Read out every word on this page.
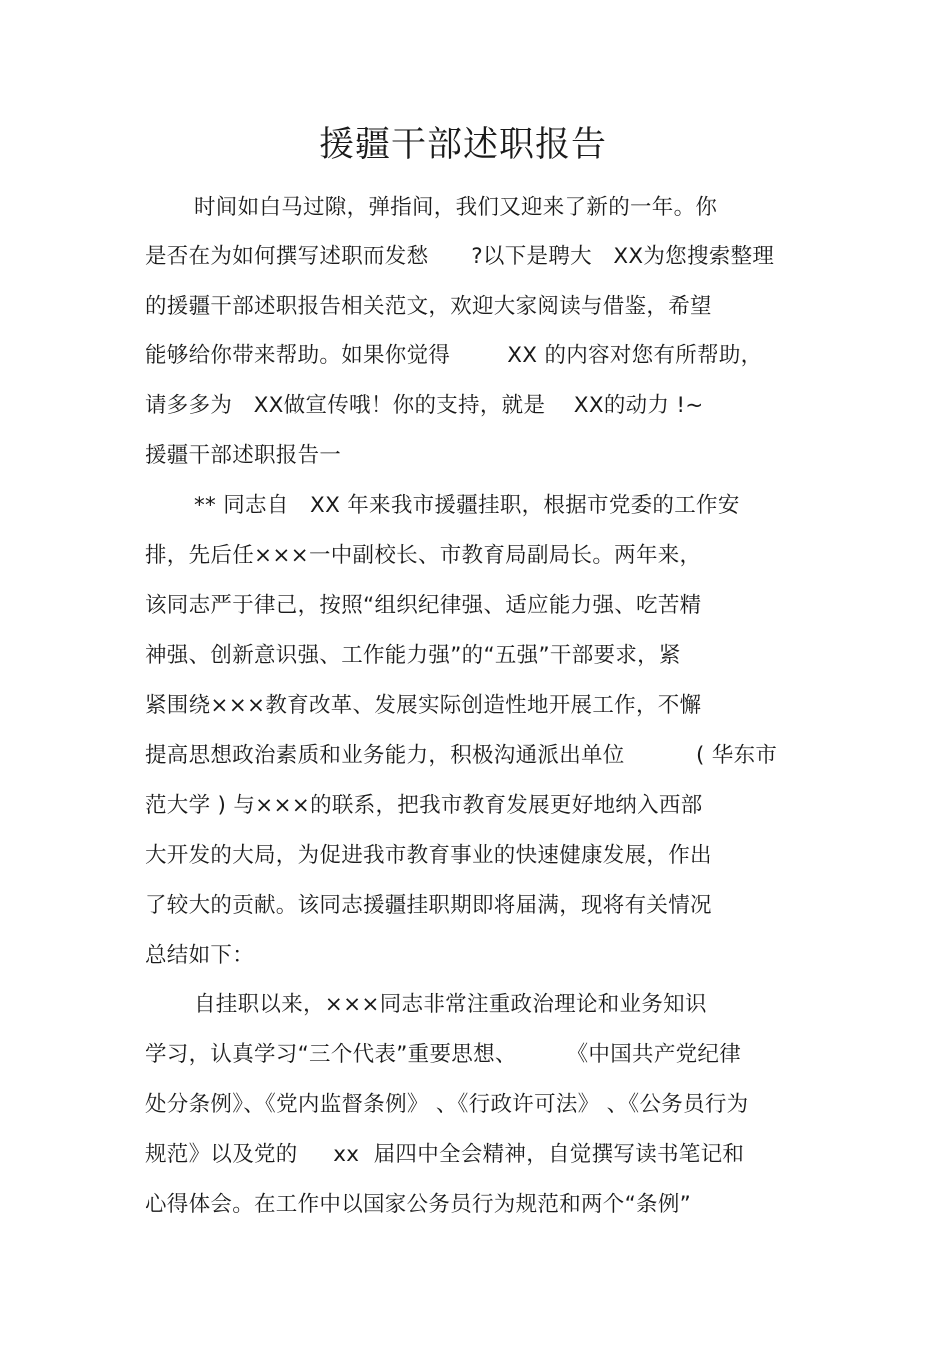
援疆干部述职报告

时间如白马过隙，弹指间，我们又迎来了新的一年。你

是否在为如何撰写述职而发愁      ?以下是聘大   XX为您搜索整理

的援疆干部述职报告相关范文，欢迎大家阅读与借鉴，希望

能够给你带来帮助。如果你觉得        XX 的内容对您有所帮助，

请多多为   XX做宣传哦！你的支持，就是    XX的动力 !~

援疆干部述职报告一

** 同志自   XX 年来我市援疆挂职，根据市党委的工作安

排，先后任×××一中副校长、市教育局副局长。两年来，

该同志严于律己，按照“组织纪律强、适应能力强、吃苦精

神强、创新意识强、工作能力强”的“五强”干部要求，紧

紧围绕×××教育改革、发展实际创造性地开展工作，不懈

提高思想政治素质和业务能力，积极沟通派出单位          ( 华东市

范大学 ) 与×××的联系，把我市教育发展更好地纳入西部

大开发的大局，为促进我市教育事业的快速健康发展，作出

了较大的贡献。该同志援疆挂职期即将届满，现将有关情况

总结如下：

自挂职以来，×××同志非常注重政治理论和业务知识

学习，认真学习“三个代表”重要思想、       《中国共产党纪律

处分条例》、《党内监督条例》 、《行政许可法》 、《公务员行为

规范》以及党的     xx  届四中全会精神，自觉撰写读书笔记和

心得体会。在工作中以国家公务员行为规范和两个“条例”
